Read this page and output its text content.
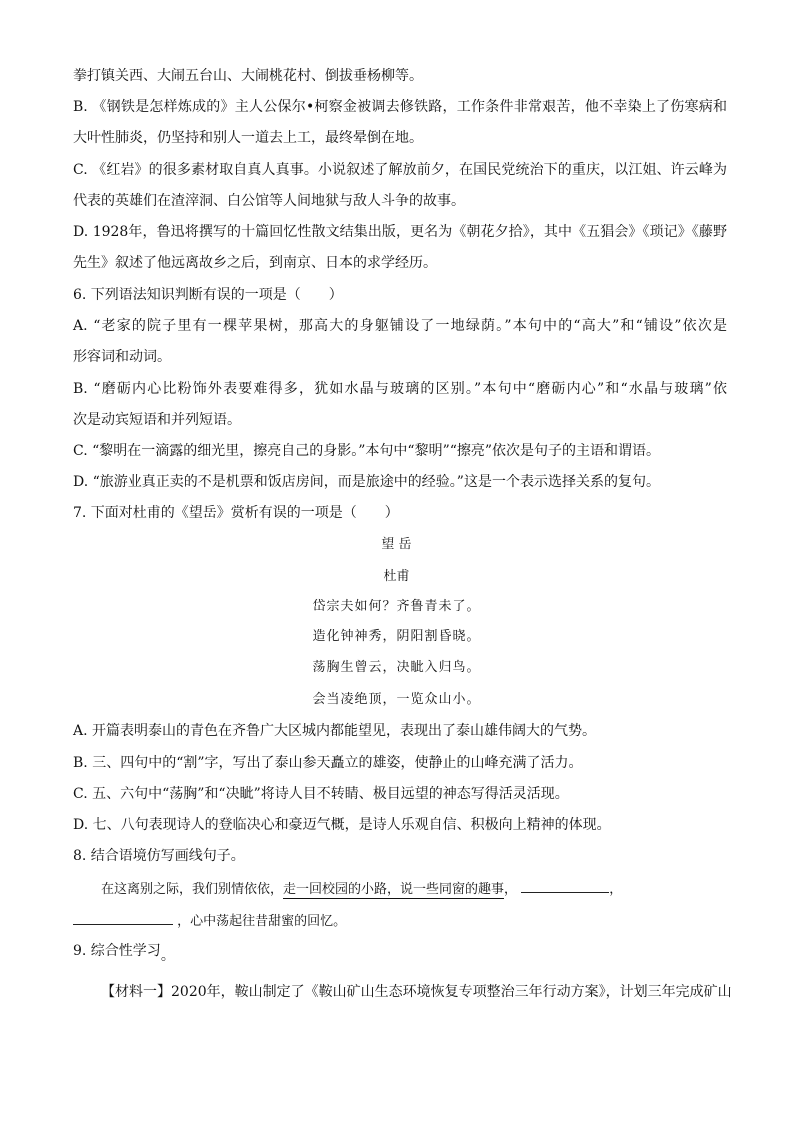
拳打镇关西、大闹五台山、大闹桃花村、倒拔垂杨柳等。
B. 《钢铁是怎样炼成的》主人公保尔•柯察金被调去修铁路，工作条件非常艰苦，他不幸染上了伤寒病和
大叶性肺炎，仍坚持和别人一道去上工，最终晕倒在地。
C. 《红岩》的很多素材取自真人真事。小说叙述了解放前夕，在国民党统治下的重庆，以江姐、许云峰为
代表的英雄们在渣滓洞、白公馆等人间地狱与敌人斗争的故事。
D. 1928年，鲁迅将撰写的十篇回忆性散文结集出版，更名为《朝花夕拾》，其中《五猖会》《琐记》《藤野
先生》叙述了他远离故乡之后，到南京、日本的求学经历。
6. 下列语法知识判断有误的一项是（　　）
A. “老家的院子里有一棵苹果树，那高大的身躯铺设了一地绿荫。”本句中的“高大”和“铺设”依次是
形容词和动词。
B. “磨砺内心比粉饰外表要难得多，犹如水晶与玻璃的区别。”本句中“磨砺内心”和“水晶与玻璃”依
次是动宾短语和并列短语。
C. “黎明在一滴露的细光里，擦亮自己的身影。”本句中“黎明”“擦亮”依次是句子的主语和谓语。
D. “旅游业真正卖的不是机票和饭店房间，而是旅途中的经验。”这是一个表示选择关系的复句。
7. 下面对杜甫的《望岳》赏析有误的一项是（　　）
望 岳
杜甫
岱宗夫如何？齐鲁青未了。
造化钟神秀，阴阳割昏晓。
荡胸生曾云，决眦入归鸟。
会当凌绝顶，一览众山小。
A. 开篇表明泰山的青色在齐鲁广大区城内都能望见，表现出了泰山雄伟阔大的气势。
B. 三、四句中的“割”字，写出了泰山参天矗立的雄姿，使静止的山峰充满了活力。
C. 五、六句中“荡胸”和“决眦”将诗人目不转睛、极目远望的神态写得活灵活现。
D. 七、八句表现诗人的登临决心和豪迈气概，是诗人乐观自信、积极向上精神的体现。
8. 结合语境仿写画线句子。
在这离别之际，我们别情依依，走一回校园的小路，说一些同窗的趣事，	，
，心中荡起往昔甜蜜的回忆。
9. 综合性学习。
【材料一】2020年，鞍山制定了《鞍山矿山生态环境恢复专项整治三年行动方案》，计划三年完成矿山
